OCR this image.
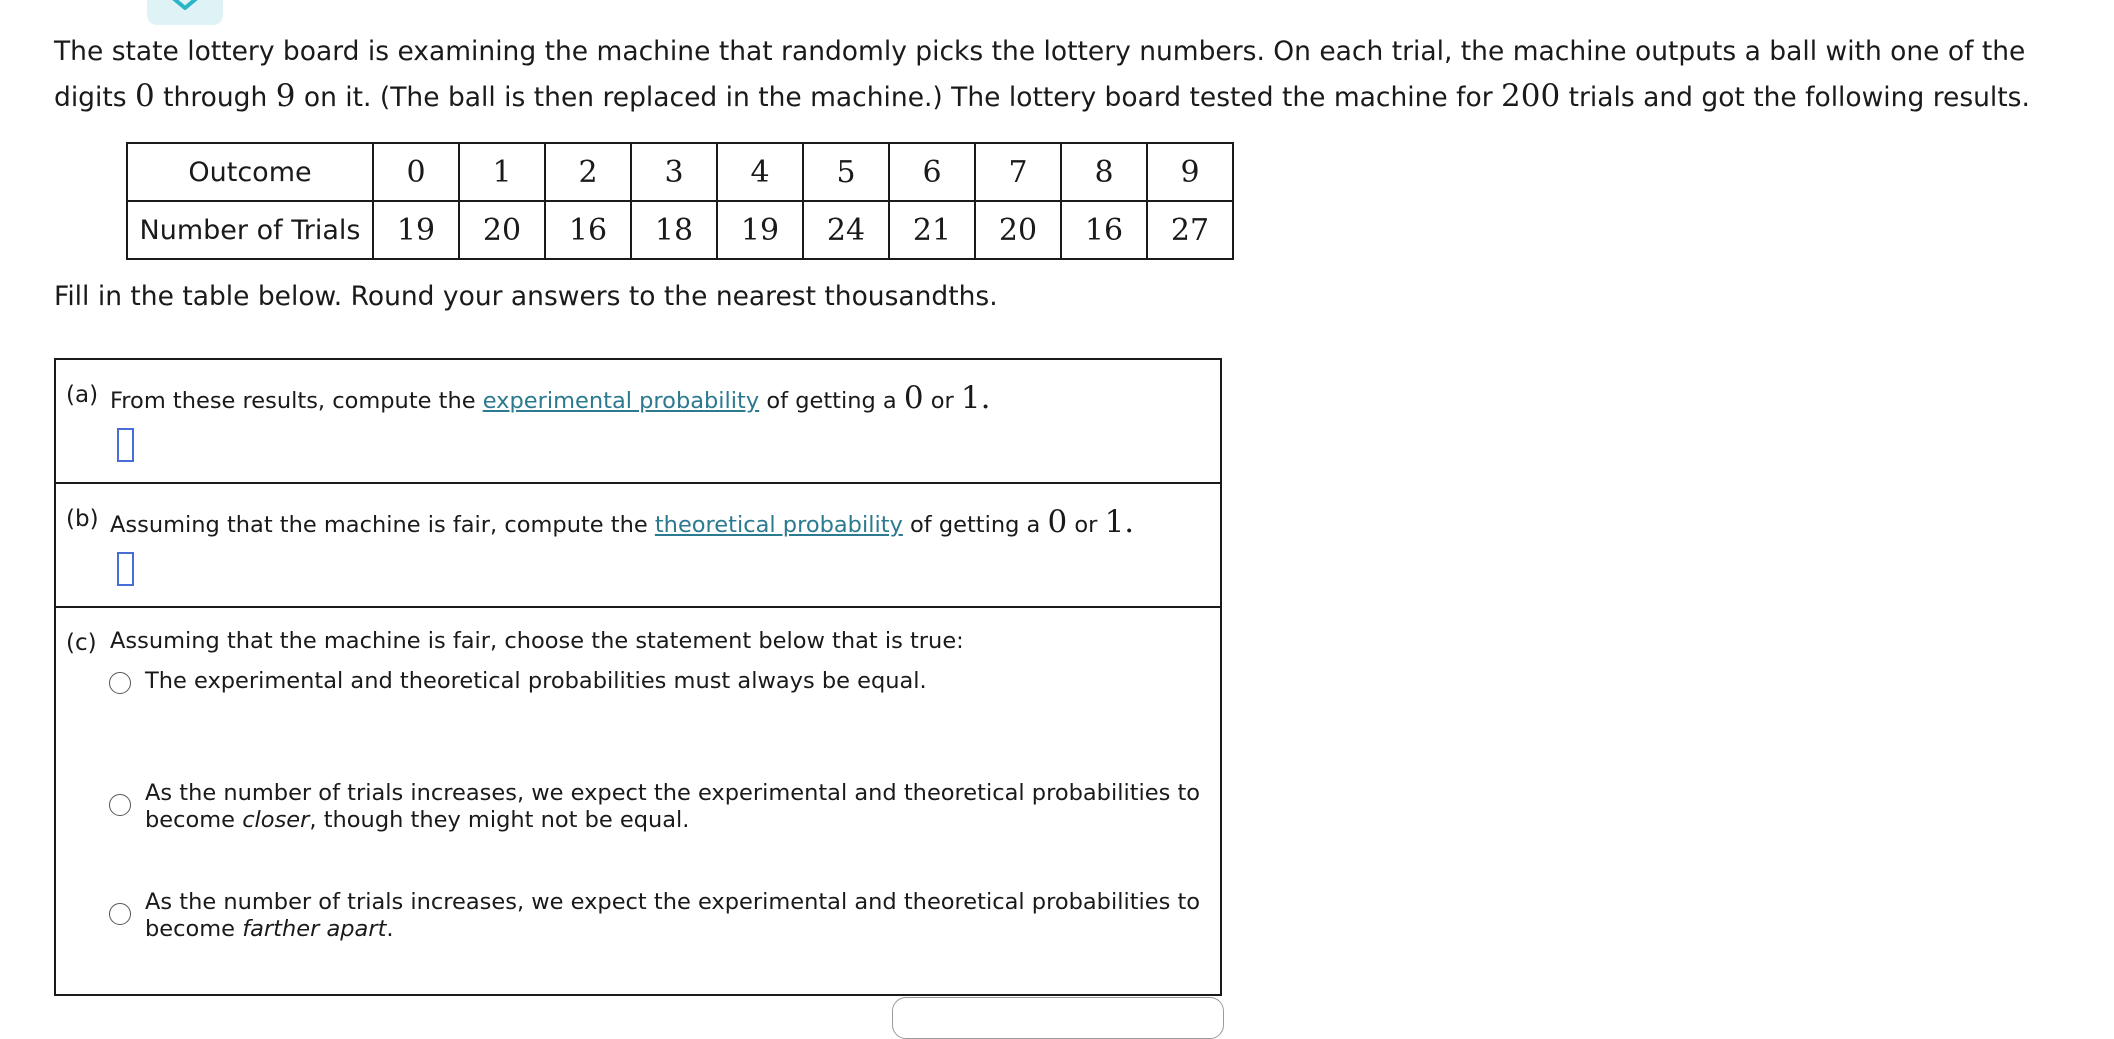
The state lottery board is examining the machine that randomly picks the lottery numbers. On each trial, the machine outputs a ball with one of the digits 0 through 9 on it. (The ball is then replaced in the machine.) The lottery board tested the machine for 200 trials and got the following results.

Outcome	0	1	2	3	4	5	6	7	8	9
Number of Trials	19	20	16	18	19	24	21	20	16	27

Fill in the table below. Round your answers to the nearest thousandths.

(a) From these results, compute the experimental probability of getting a 0 or 1.
(b) Assuming that the machine is fair, compute the theoretical probability of getting a 0 or 1.
(c) Assuming that the machine is fair, choose the statement below that is true:
The experimental and theoretical probabilities must always be equal.
As the number of trials increases, we expect the experimental and theoretical probabilities to
become closer, though they might not be equal.
As the number of trials increases, we expect the experimental and theoretical probabilities to
become farther apart.
